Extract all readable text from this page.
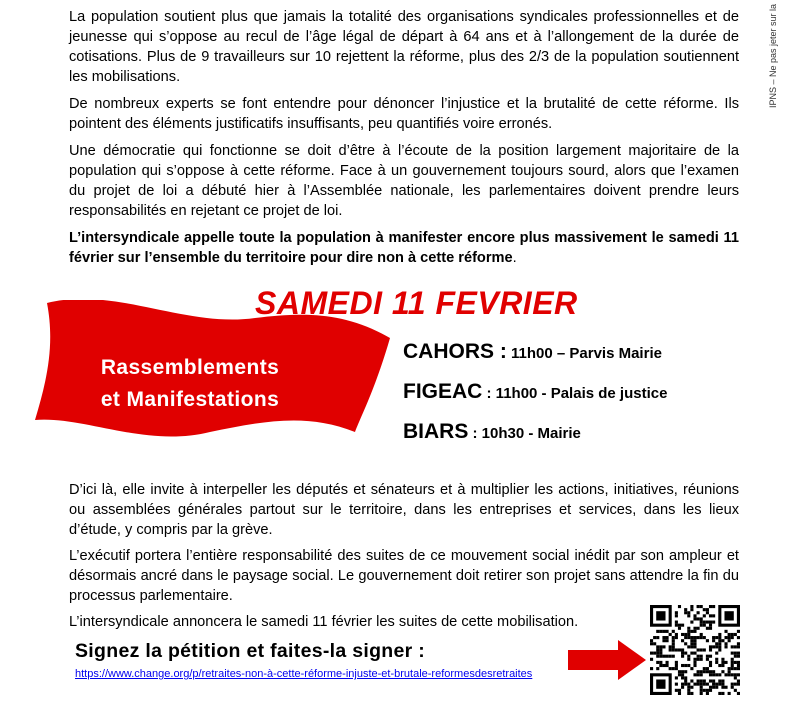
IPNS – Ne pas jeter sur la
La population soutient plus que jamais la totalité des organisations syndicales professionnelles et de jeunesse qui s’oppose au recul de l’âge légal de départ à 64 ans et à l’allongement de la durée de cotisations. Plus de 9 travailleurs sur 10 rejettent la réforme, plus des 2/3 de la population soutiennent les mobilisations.
De nombreux experts se font entendre pour dénoncer l’injustice et la brutalité de cette réforme. Ils pointent des éléments justificatifs insuffisants, peu quantifiés voire erronés.
Une démocratie qui fonctionne se doit d’être à l’écoute de la position largement majoritaire de la population qui s’oppose à cette réforme. Face à un gouvernement toujours sourd, alors que l’examen du projet de loi a débuté hier à l’Assemblée nationale, les parlementaires doivent prendre leurs responsabilités en rejetant ce projet de loi.
L’intersyndicale appelle toute la population à manifester encore plus massivement le samedi 11 février sur l’ensemble du territoire pour dire non à cette réforme.
SAMEDI 11 FEVRIER
Rassemblements
et Manifestations
CAHORS : 11h00 – Parvis Mairie
FIGEAC : 11h00 - Palais de justice
BIARS : 10h30 - Mairie
D’ici là, elle invite à interpeller les députés et sénateurs et à multiplier les actions, initiatives, réunions ou assemblées générales partout sur le territoire, dans les entreprises et services, dans les lieux d’étude, y compris par la grève.
L’exécutif portera l’entière responsabilité des suites de ce mouvement social inédit par son ampleur et désormais ancré dans le paysage social. Le gouvernement doit retirer son projet sans attendre la fin du processus parlementaire.
L’intersyndicale annoncera le samedi 11 février les suites de cette mobilisation.
Signez la pétition et faites-la signer :
https://www.change.org/p/retraites-non-à-cette-réforme-injuste-et-brutale-reformesdesretraites
